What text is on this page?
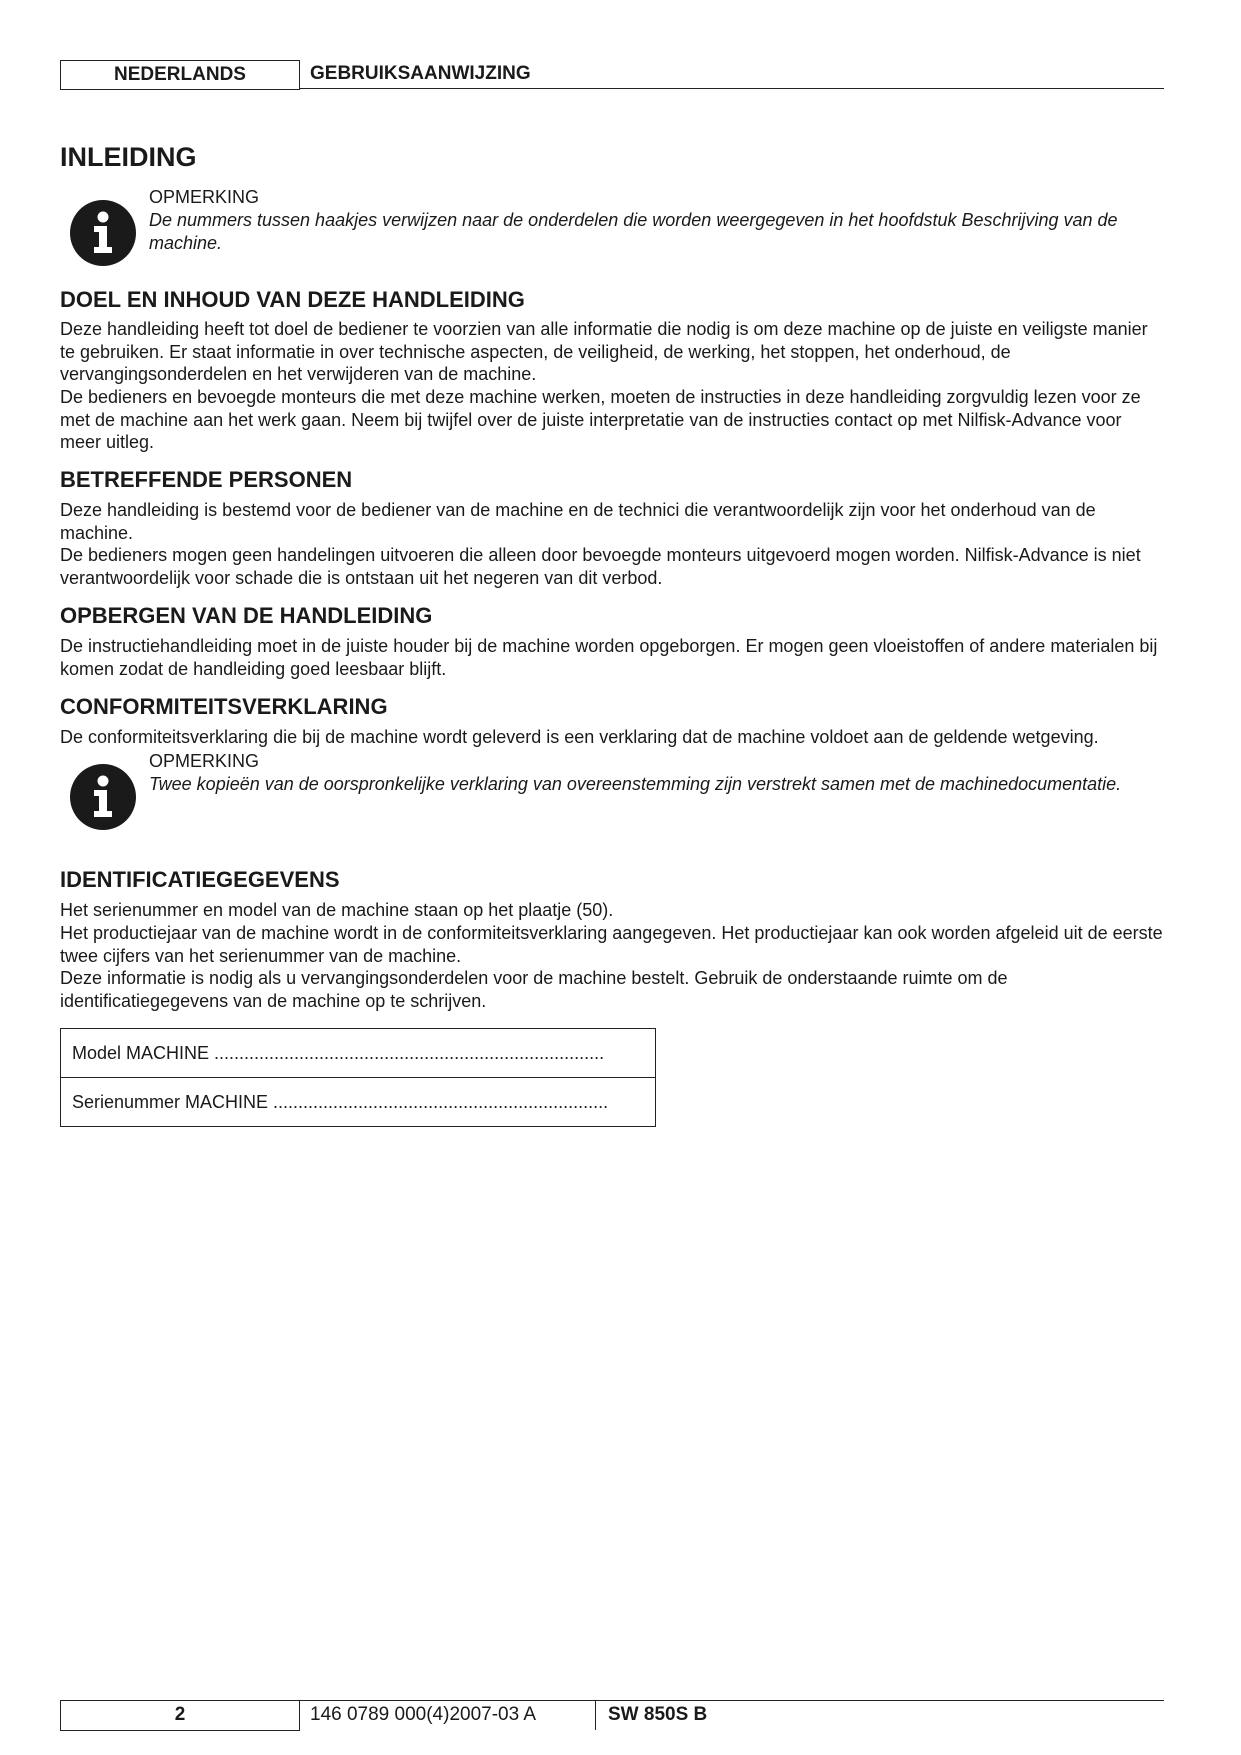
NEDERLANDS	GEBRUIKSAANWIJZING
INLEIDING
OPMERKING
De nummers tussen haakjes verwijzen naar de onderdelen die worden weergegeven in het hoofdstuk Beschrijving van de machine.
DOEL EN INHOUD VAN DEZE HANDLEIDING

Deze handleiding heeft tot doel de bediener te voorzien van alle informatie die nodig is om deze machine op de juiste en veiligste manier te gebruiken. Er staat informatie in over technische aspecten, de veiligheid, de werking, het stoppen, het onderhoud, de vervangingsonderdelen en het verwijderen van de machine.

De bedieners en bevoegde monteurs die met deze machine werken, moeten de instructies in deze handleiding zorgvuldig lezen voor ze met de machine aan het werk gaan. Neem bij twijfel over de juiste interpretatie van de instructies contact op met Nilfisk-Advance voor meer uitleg.

BETREFFENDE PERSONEN

Deze handleiding is bestemd voor de bediener van de machine en de technici die verantwoordelijk zijn voor het onderhoud van de machine.

De bedieners mogen geen handelingen uitvoeren die alleen door bevoegde monteurs uitgevoerd mogen worden. Nilfisk-Advance is niet verantwoordelijk voor schade die is ontstaan uit het negeren van dit verbod.

OPBERGEN VAN DE HANDLEIDING

De instructiehandleiding moet in de juiste houder bij de machine worden opgeborgen. Er mogen geen vloeistoffen of andere materialen bij komen zodat de handleiding goed leesbaar blijft.

CONFORMITEITSVERKLARING

De conformiteitsverklaring die bij de machine wordt geleverd is een verklaring dat de machine voldoet aan de geldende wetgeving.

OPMERKING
Twee kopieën van de oorspronkelijke verklaring van overeenstemming zijn verstrekt samen met de machinedocumentatie.
IDENTIFICATIEGEGEVENS

Het serienummer en model van de machine staan op het plaatje (50).

Het productiejaar van de machine wordt in de conformiteitsverklaring aangegeven. Het productiejaar kan ook worden afgeleid uit de eerste twee cijfers van het serienummer van de machine.

Deze informatie is nodig als u vervangingsonderdelen voor de machine bestelt. Gebruik de onderstaande ruimte om de identificatiegegevens van de machine op te schrijven.

Model MACHINE ..............................................................................
Serienummer MACHINE ...................................................................
2	146 0789 000(4)2007-03 A	SW 850S B
